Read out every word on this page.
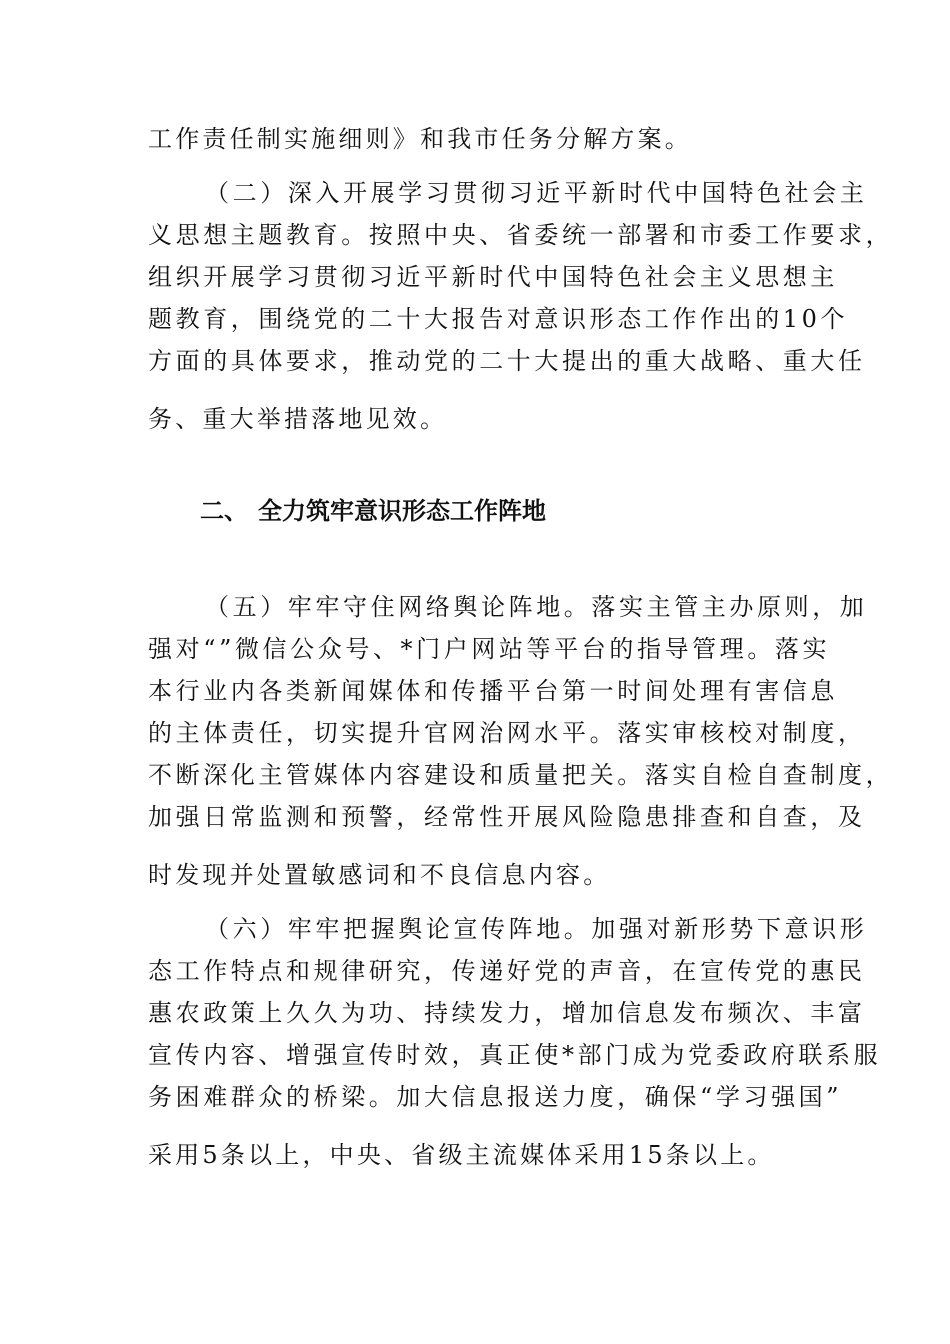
工作责任制实施细则》和我市任务分解方案。
（二）深入开展学习贯彻习近平新时代中国特色社会主
义思想主题教育。按照中央、省委统一部署和市委工作要求，
组织开展学习贯彻习近平新时代中国特色社会主义思想主
题教育，围绕党的二十大报告对意识形态工作作出的10个
方面的具体要求，推动党的二十大提出的重大战略、重大任
务、重大举措落地见效。
二、 全力筑牢意识形态工作阵地
（五）牢牢守住网络舆论阵地。落实主管主办原则，加
强对“”微信公众号、*门户网站等平台的指导管理。落实
本行业内各类新闻媒体和传播平台第一时间处理有害信息
的主体责任，切实提升官网治网水平。落实审核校对制度，
不断深化主管媒体内容建设和质量把关。落实自检自查制度，
加强日常监测和预警，经常性开展风险隐患排查和自查，及
时发现并处置敏感词和不良信息内容。
（六）牢牢把握舆论宣传阵地。加强对新形势下意识形
态工作特点和规律研究，传递好党的声音，在宣传党的惠民
惠农政策上久久为功、持续发力，增加信息发布频次、丰富
宣传内容、增强宣传时效，真正使*部门成为党委政府联系服
务困难群众的桥梁。加大信息报送力度，确保“学习强国”
采用5条以上，中央、省级主流媒体采用15条以上。
